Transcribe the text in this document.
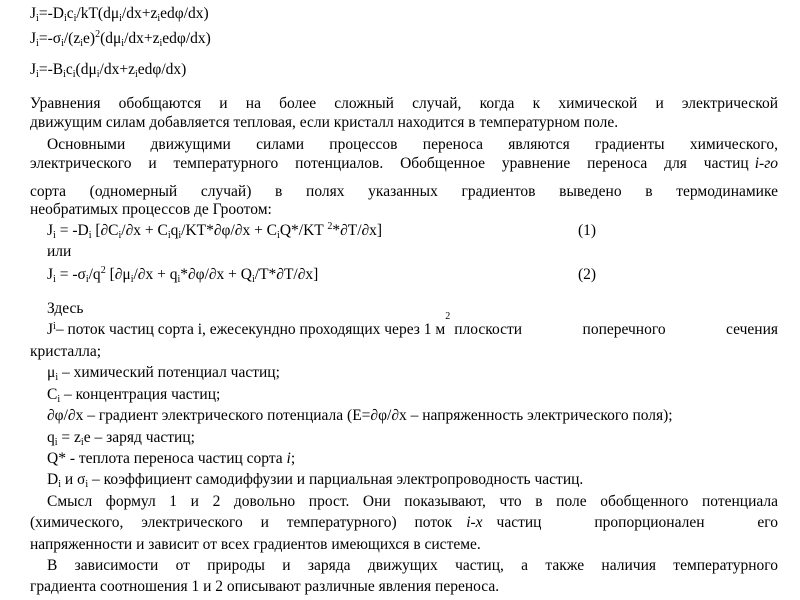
$J_i=-D_ic_i/kT(d\mu_i/dx+z_ied\varphi/dx)$
$J_i=-\sigma_i/(z_ie)^2(d\mu_i/dx+z_ied\varphi/dx)$
$J_i=-B_ic_i(d\mu_i/dx+z_ied\varphi/dx)$
Уравнения обобщаются и на более сложный случай, когда к химической и электрической
движущим силам добавляется тепловая, если кристалл находится в температурном поле.
Основными движущими силами процессов переноса являются градиенты химического,
электрического и температурного потенциалов. Обобщенное уравнение переноса для частиц i-го
сорта (одномерный случай) в полях указанных градиентов выведено в термодинамике
необратимых процессов де Гроотом:
$J_i = -D_i$ [$\partial C_i/\partial x + C_iq_i/KT*\partial\varphi/\partial x + C_iQ*/KT$ $^2$*∂T/∂x]	(1)
или
$J_i = -\sigma_i/q^2$ $[\partial\mu_i/\partial x + q_i*\partial\varphi/\partial x + Q_i/T*\partial T/\partial x]$	(2)
Здесь
J i – поток частиц сорта i, ежесекундно проходящих через 1 м
2
плоскости поперечного сечения
кристалла;
$\mu_i$ – химический потенциал частиц;
$C_i$ – концентрация частиц;
∂φ/∂x – градиент электрического потенциала (E=∂φ/∂x – напряженность электрического поля);
$q_i = z_ie$ – заряд частиц;
Q* - теплота переноса частиц сорта i;
$D_i$ и $\sigma_i$ – коэффициент самодиффузии и парциальная электропроводность частиц.
Смысл формул 1 и 2 довольно прост. Они показывают, что в поле обобщенного потенциала
(химического, электрического и температурного) поток i-х частиц пропорционален его
напряженности и зависит от всех градиентов имеющихся в системе.
В зависимости от природы и заряда движущих частиц, а также наличия температурного
градиента соотношения 1 и 2 описывают различные явления переноса.
